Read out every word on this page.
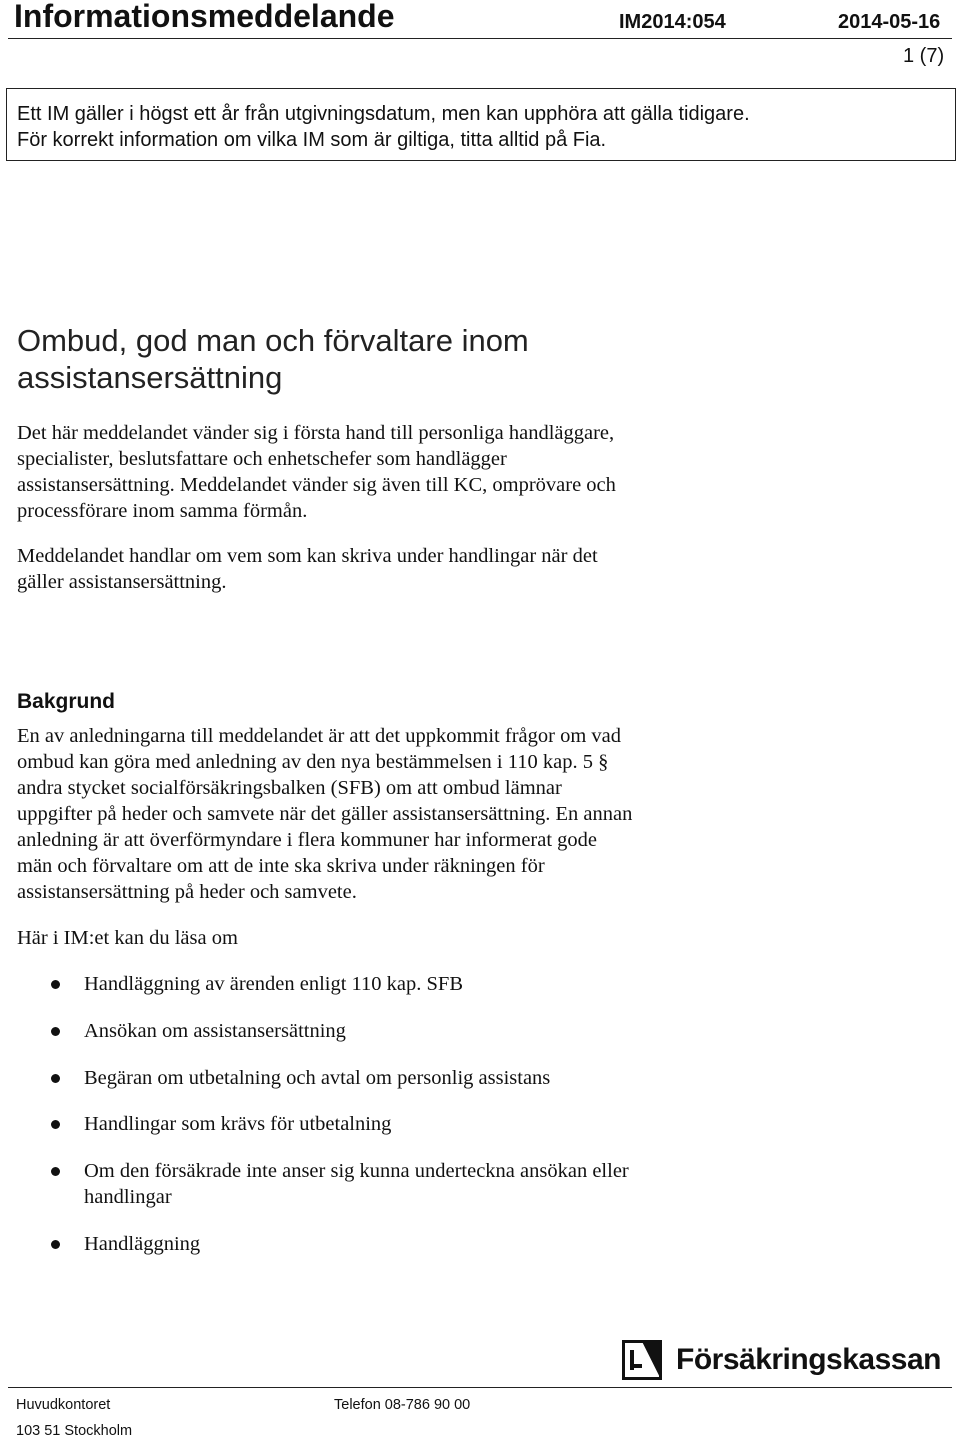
Informationsmeddelande	IM2014:054	2014-05-16
1 (7)
Ett IM gäller i högst ett år från utgivningsdatum, men kan upphöra att gälla tidigare.
För korrekt information om vilka IM som är giltiga, titta alltid på Fia.
Ombud, god man och förvaltare inom
assistansersättning
Det här meddelandet vänder sig i första hand till personliga handläggare,
specialister, beslutsfattare och enhetschefer som handlägger
assistansersättning. Meddelandet vänder sig även till KC, omprövare och
processförare inom samma förmån.
Meddelandet handlar om vem som kan skriva under handlingar när det
gäller assistansersättning.
Bakgrund
En av anledningarna till meddelandet är att det uppkommit frågor om vad
ombud kan göra med anledning av den nya bestämmelsen i 110 kap. 5 §
andra stycket socialförsäkringsbalken (SFB) om att ombud lämnar
uppgifter på heder och samvete när det gäller assistansersättning. En annan
anledning är att överförmyndare i flera kommuner har informerat gode
män och förvaltare om att de inte ska skriva under räkningen för
assistansersättning på heder och samvete.
Här i IM:et kan du läsa om
Handläggning av ärenden enligt 110 kap. SFB
Ansökan om assistansersättning
Begäran om utbetalning och avtal om personlig assistans
Handlingar som krävs för utbetalning
Om den försäkrade inte anser sig kunna underteckna ansökan eller
handlingar
Handläggning
Försäkringskassan
Huvudkontoret
103 51 Stockholm
Telefon 08-786 90 00
